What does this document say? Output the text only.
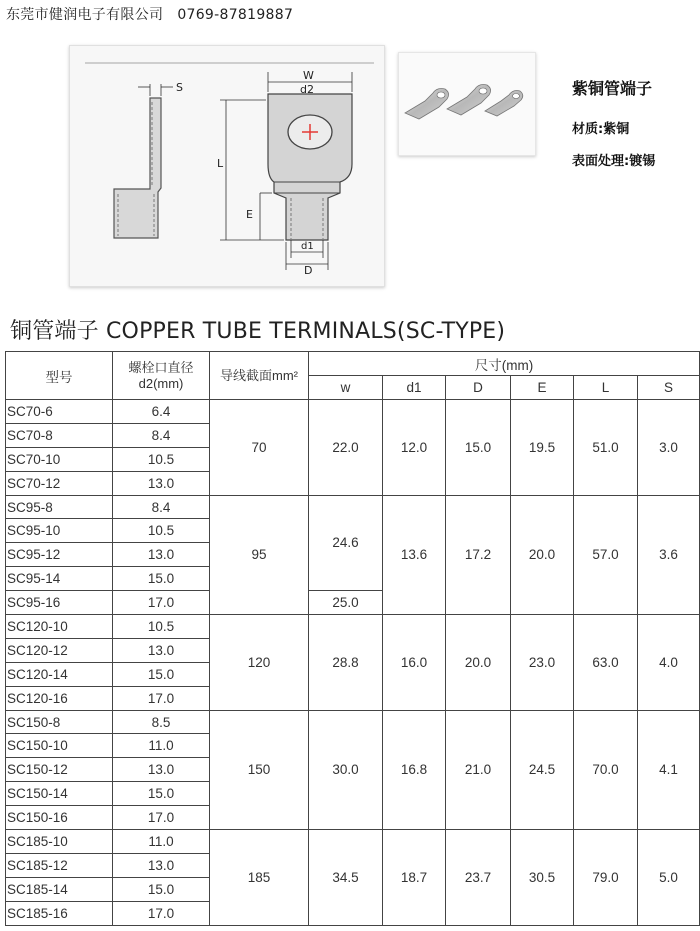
东莞市健润电子有限公司 0769-87819887
S
W
d2
L
E
d1
D
紫铜管端子
材质:紫铜
表面处理:镀锡
铜管端子 COPPER TUBE TERMINALS(SC-TYPE)
型号	螺栓口直径
d2(mm)	导线截面mm²	尺寸(mm)					
			w	d1	D	E	L	S
SC70-6	6.4	70	22.0	12.0	15.0	19.5	51.0	3.0
SC70-8	8.4							
SC70-10	10.5							
SC70-12	13.0							
SC95-8	8.4	95	24.6	13.6	17.2	20.0	57.0	3.6
SC95-10	10.5							
SC95-12	13.0							
SC95-14	15.0							
SC95-16	17.0		25.0					
SC120-10	10.5	120	28.8	16.0	20.0	23.0	63.0	4.0
SC120-12	13.0							
SC120-14	15.0							
SC120-16	17.0							
SC150-8	8.5	150	30.0	16.8	21.0	24.5	70.0	4.1
SC150-10	11.0							
SC150-12	13.0							
SC150-14	15.0							
SC150-16	17.0							
SC185-10	11.0	185	34.5	18.7	23.7	30.5	79.0	5.0
SC185-12	13.0							
SC185-14	15.0							
SC185-16	17.0							
